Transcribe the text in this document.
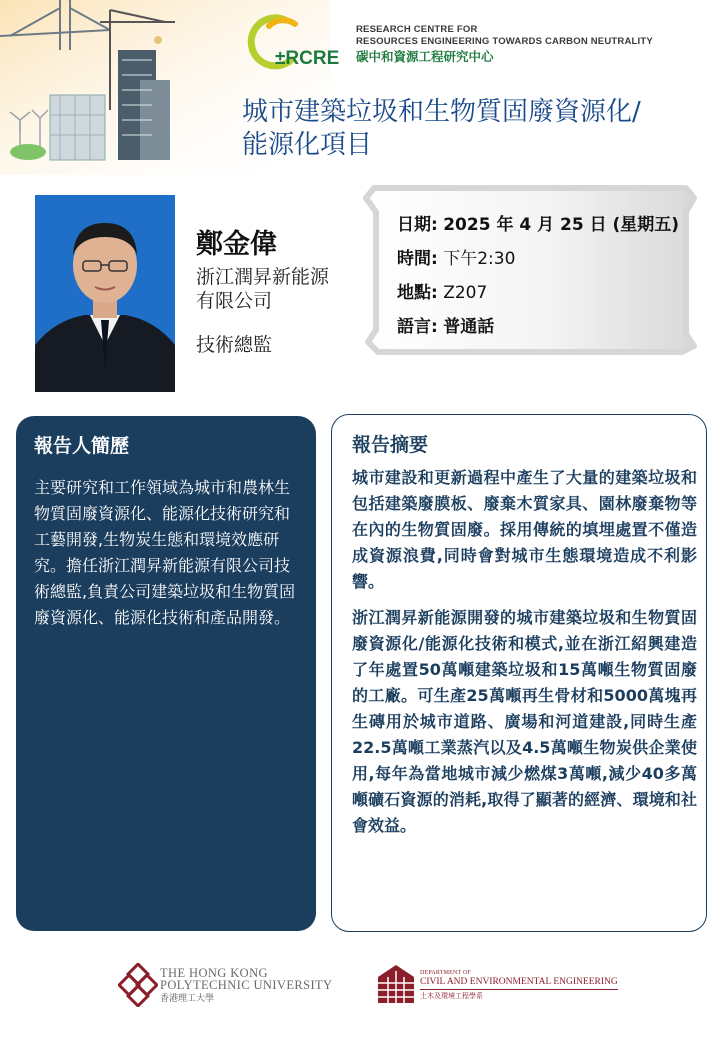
±RCRE
RESEARCH CENTRE FOR
RESOURCES ENGINEERING TOWARDS CARBON NEUTRALITY
碳中和資源工程研究中心
城市建築垃圾和生物質固廢資源化/
能源化項目
鄭金偉
浙江潤昇新能源
有限公司
技術總監
日期: 2025 年 4 月 25 日 (星期五)
時間: 下午2:30
地點: Z207
語言: 普通話
報告人簡歷
主要研究和工作領域為城市和農林生物質固廢資源化、能源化技術研究和工藝開發,生物炭生態和環境效應研究。擔任浙江潤昇新能源有限公司技術總監,負責公司建築垃圾和生物質固廢資源化、能源化技術和產品開發。
報告摘要

城市建設和更新過程中產生了大量的建築垃圾和包括建築廢膜板、廢棄木質家具、園林廢棄物等在內的生物質固廢。採用傳統的填埋處置不僅造成資源浪費,同時會對城市生態環境造成不利影響。

浙江潤昇新能源開發的城市建築垃圾和生物質固廢資源化/能源化技術和模式,並在浙江紹興建造了年處置50萬噸建築垃圾和15萬噸生物質固廢的工廠。可生產25萬噸再生骨材和5000萬塊再生磚用於城市道路、廣場和河道建設,同時生產22.5萬噸工業蒸汽以及4.5萬噸生物炭供企業使用,每年為當地城市減少燃煤3萬噸,減少40多萬噸礦石資源的消耗,取得了顯著的經濟、環境和社會效益。

THE HONG KONG
POLYTECHNIC UNIVERSITY
香港理工大學
DEPARTMENT OF
CIVIL AND ENVIRONMENTAL ENGINEERING
土木及環境工程學系
